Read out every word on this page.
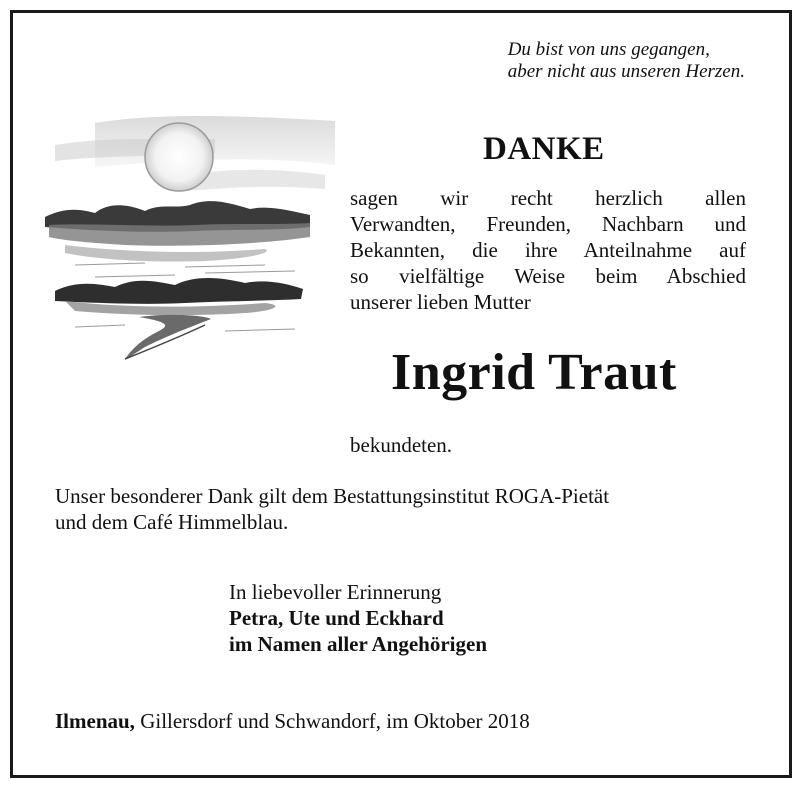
Du bist von uns gegangen,
aber nicht aus unseren Herzen.
DANKE
sagen wir recht herzlich allen
Verwandten, Freunden, Nachbarn und
Bekannten, die ihre Anteilnahme auf
so vielfältige Weise beim Abschied
unserer lieben Mutter
Ingrid Traut
bekundeten.
Unser besonderer Dank gilt dem Bestattungsinstitut ROGA-Pietät
und dem Café Himmelblau.
In liebevoller Erinnerung
Petra, Ute und Eckhard
im Namen aller Angehörigen
Ilmenau, Gillersdorf und Schwandorf, im Oktober 2018
